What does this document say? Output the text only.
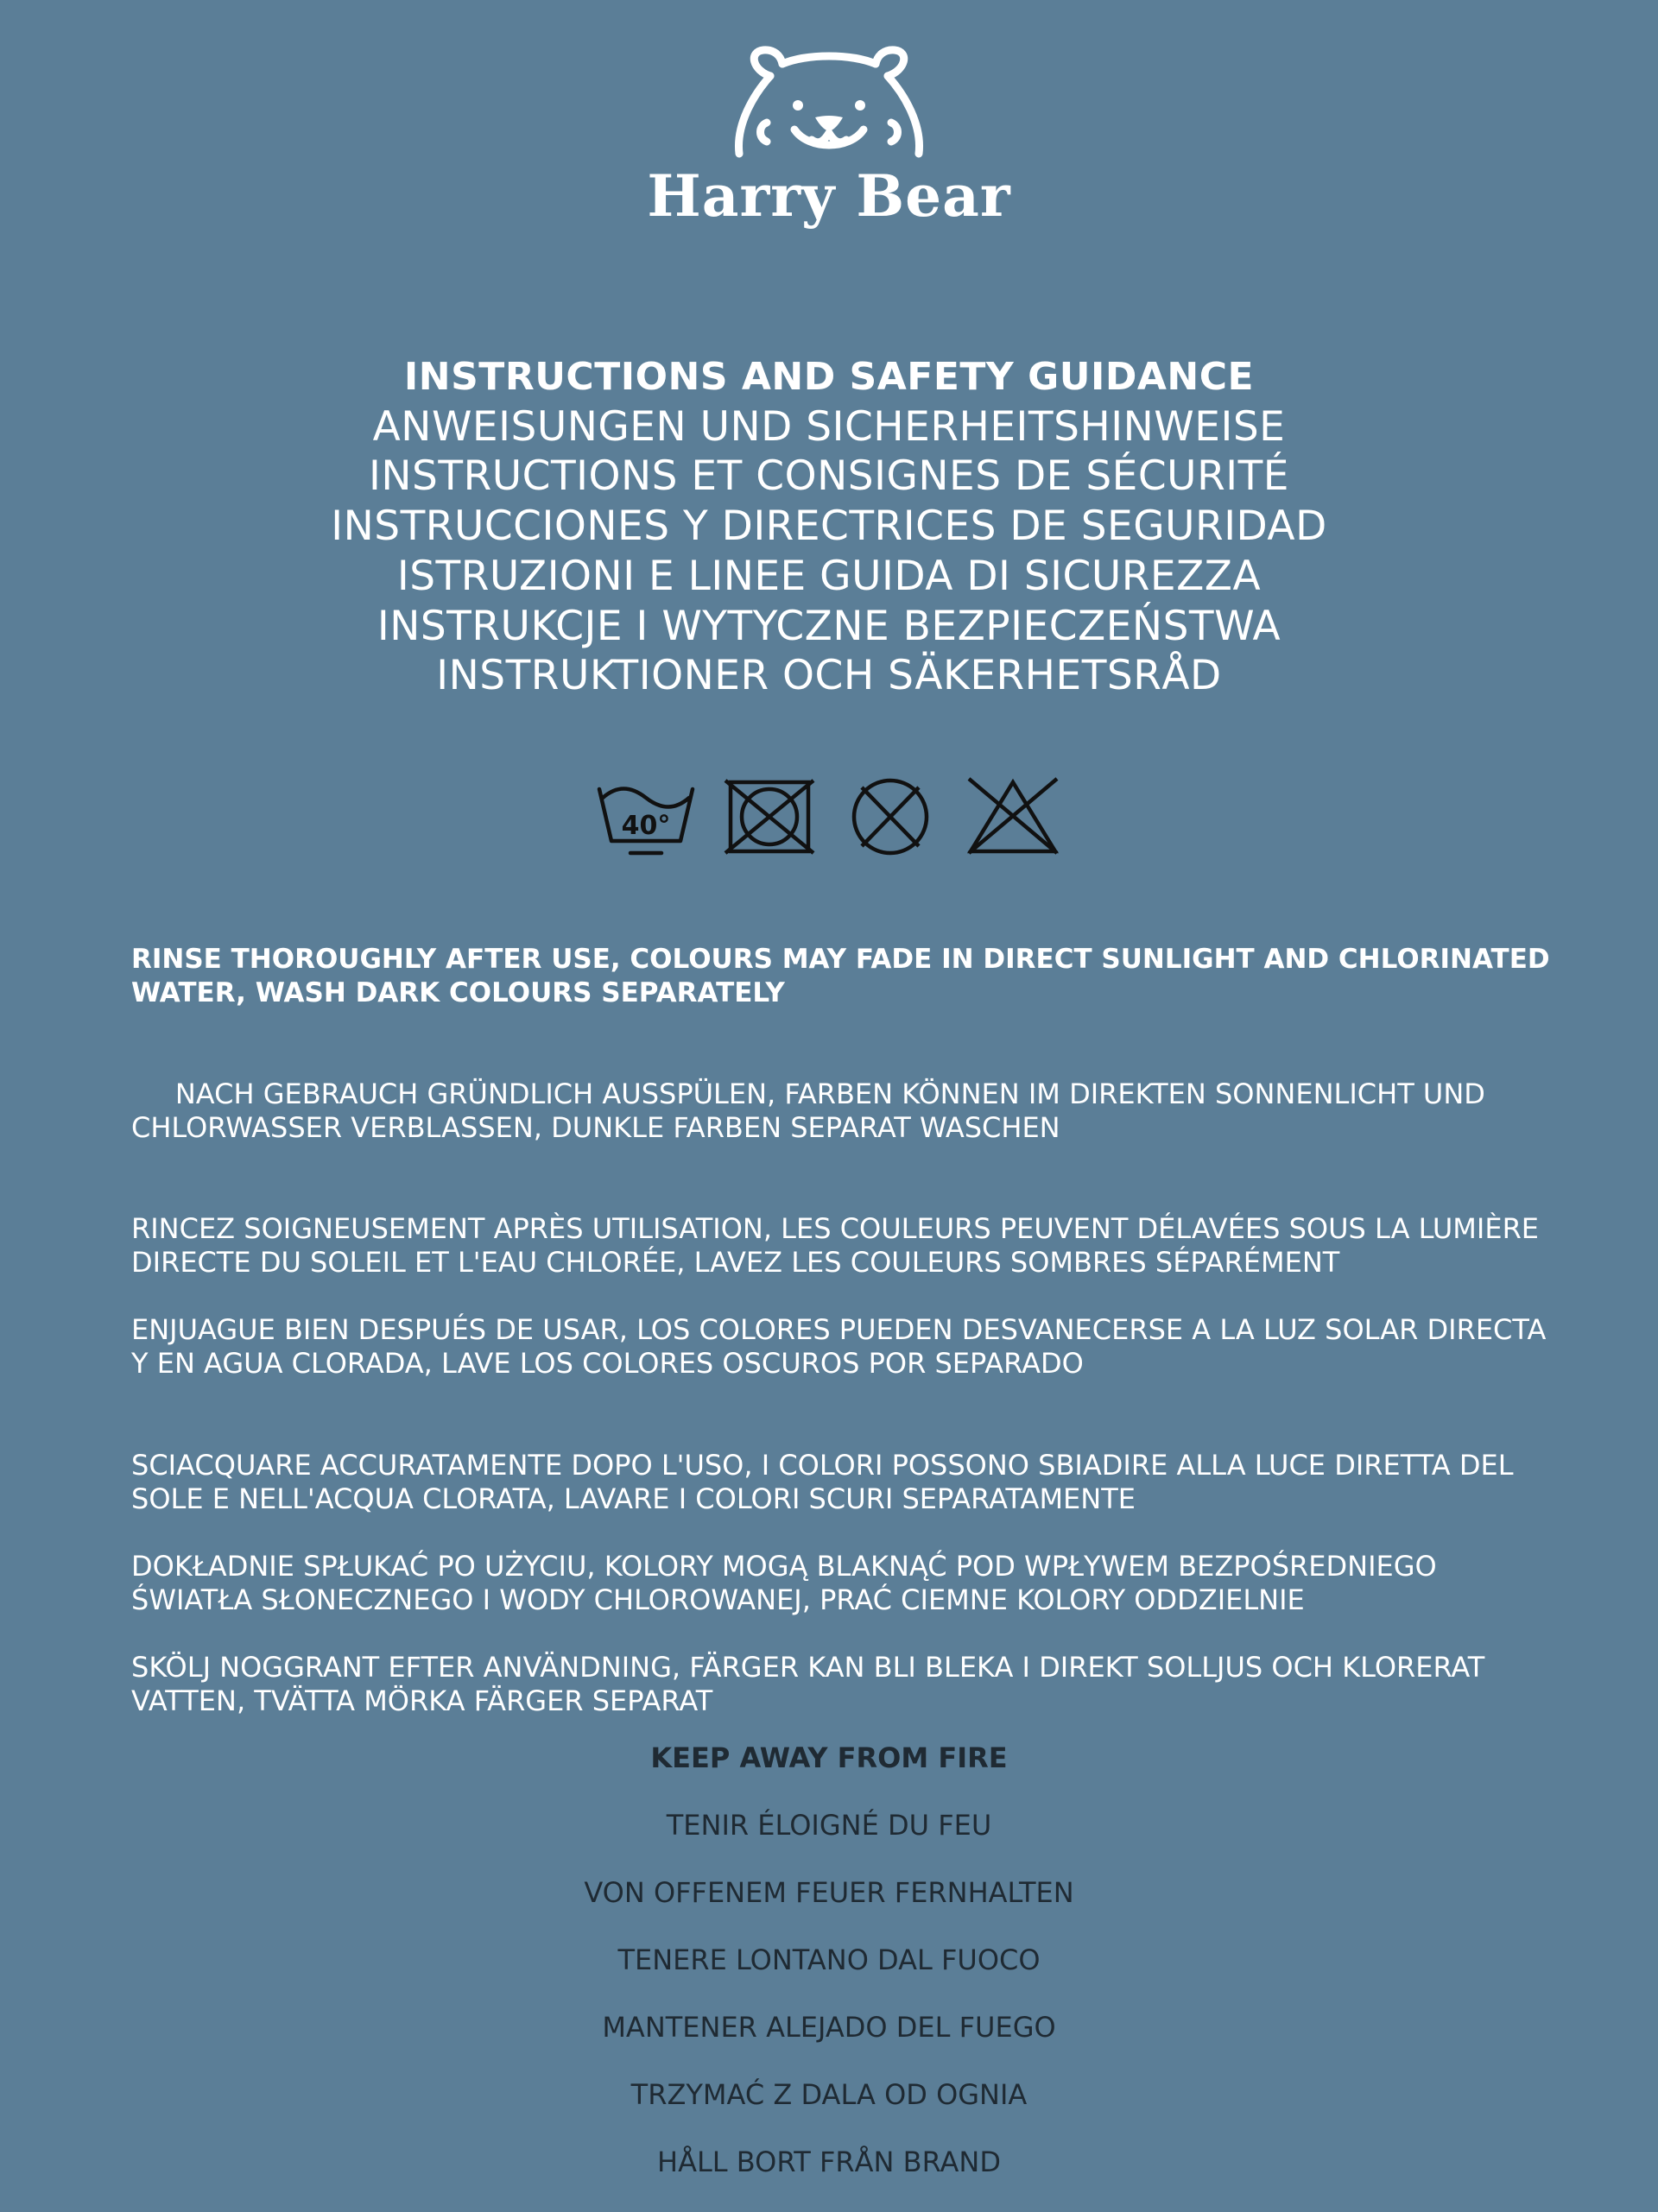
Harry Bear
INSTRUCTIONS AND SAFETY GUIDANCE
ANWEISUNGEN UND SICHERHEITSHINWEISE
INSTRUCTIONS ET CONSIGNES DE SÉCURITÉ
INSTRUCCIONES Y DIRECTRICES DE SEGURIDAD
ISTRUZIONI E LINEE GUIDA DI SICUREZZA
INSTRUKCJE I WYTYCZNE BEZPIECZEŃSTWA
INSTRUKTIONER OCH SÄKERHETSRÅD
40°

RINSE THOROUGHLY AFTER USE, COLOURS MAY FADE IN DIRECT SUNLIGHT AND CHLORINATED
WATER, WASH DARK COLOURS SEPARATELY

NACH GEBRAUCH GRÜNDLICH AUSSPÜLEN, FARBEN KÖNNEN IM DIREKTEN SONNENLICHT UND
CHLORWASSER VERBLASSEN, DUNKLE FARBEN SEPARAT WASCHEN

RINCEZ SOIGNEUSEMENT APRÈS UTILISATION, LES COULEURS PEUVENT DÉLAVÉES SOUS LA LUMIÈRE
DIRECTE DU SOLEIL ET L'EAU CHLORÉE, LAVEZ LES COULEURS SOMBRES SÉPARÉMENT

ENJUAGUE BIEN DESPUÉS DE USAR, LOS COLORES PUEDEN DESVANECERSE A LA LUZ SOLAR DIRECTA
Y EN AGUA CLORADA, LAVE LOS COLORES OSCUROS POR SEPARADO

SCIACQUARE ACCURATAMENTE DOPO L'USO, I COLORI POSSONO SBIADIRE ALLA LUCE DIRETTA DEL
SOLE E NELL'ACQUA CLORATA, LAVARE I COLORI SCURI SEPARATAMENTE

DOKŁADNIE SPŁUKAĆ PO UŻYCIU, KOLORY MOGĄ BLAKNĄĆ POD WPŁYWEM BEZPOŚREDNIEGO
ŚWIATŁA SŁONECZNEGO I WODY CHLOROWANEJ, PRAĆ CIEMNE KOLORY ODDZIELNIE

SKÖLJ NOGGRANT EFTER ANVÄNDNING, FÄRGER KAN BLI BLEKA I DIREKT SOLLJUS OCH KLORERAT
VATTEN, TVÄTTA MÖRKA FÄRGER SEPARAT

KEEP AWAY FROM FIRE
TENIR ÉLOIGNÉ DU FEU
VON OFFENEM FEUER FERNHALTEN
TENERE LONTANO DAL FUOCO
MANTENER ALEJADO DEL FUEGO
TRZYMAĆ Z DALA OD OGNIA
HÅLL BORT FRÅN BRAND
